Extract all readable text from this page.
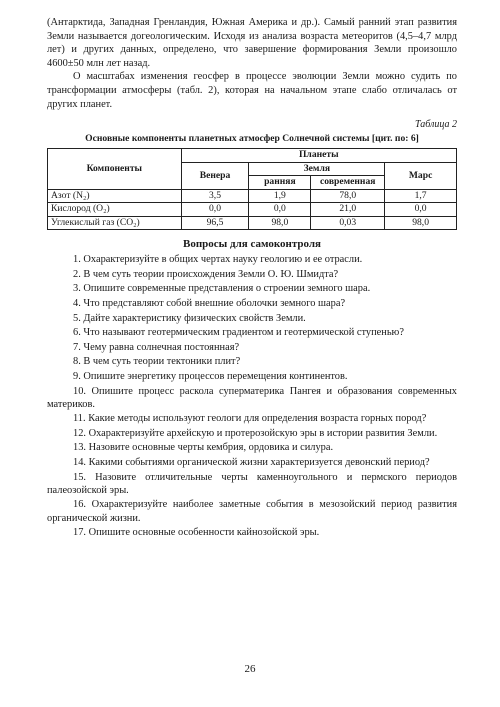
(Антарктида, Западная Гренландия, Южная Америка и др.). Самый ранний этап развития Земли называется догеологическим. Исходя из анализа возраста метеоритов (4,5–4,7 млрд лет) и других данных, определено, что завершение формирования Земли произошло 4600±50 млн лет назад.

О масштабах изменения геосфер в процессе эволюции Земли можно судить по трансформации атмосферы (табл. 2), которая на начальном этапе слабо отличалась от других планет.

Таблица 2
Основные компоненты планетных атмосфер Солнечной системы [цит. по: 6]
Компоненты	Планеты			
	Венера	Земля		Марс
		ранняя	современная	
Азот (N₂)	3,5	1,9	78,0	1,7
Кислород (O₂)	0,0	0,0	21,0	0,0
Углекислый газ (CO₂)	96,5	98,0	0,03	98,0
Вопросы для самоконтроля

1. Охарактеризуйте в общих чертах науку геологию и ее отрасли.

2. В чем суть теории происхождения Земли О. Ю. Шмидта?

3. Опишите современные представления о строении земного шара.

4. Что представляют собой внешние оболочки земного шара?

5. Дайте характеристику физических свойств Земли.

6. Что называют геотермическим градиентом и геотермической ступенью?

7. Чему равна солнечная постоянная?

8. В чем суть теории тектоники плит?

9. Опишите энергетику процессов перемещения континентов.

10. Опишите процесс раскола суперматерика Пангея и образования современных материков.

11. Какие методы используют геологи для определения возраста горных пород?

12. Охарактеризуйте архейскую и протерозойскую эры в истории развития Земли.

13. Назовите основные черты кембрия, ордовика и силура.

14. Какими событиями органической жизни характеризуется девонский период?

15. Назовите отличительные черты каменноугольного и пермского периодов палеозойской эры.

16. Охарактеризуйте наиболее заметные события в мезозойский период развития органической жизни.

17. Опишите основные особенности кайнозойской эры.

26
